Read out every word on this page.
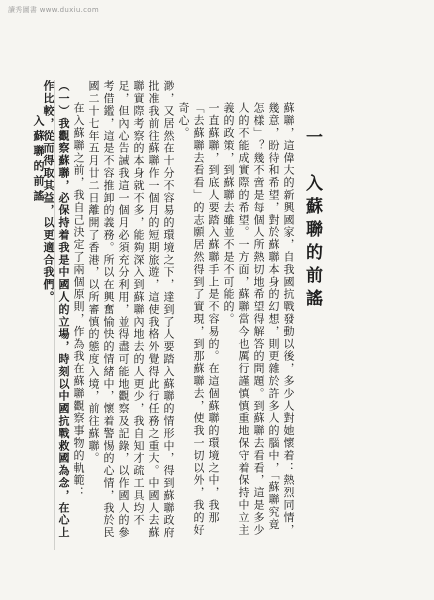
讀秀圖書 www.duxiu.com
入蘇聯的前謠	一　入蘇聯的前謠

蘇聯，這偉大的新興國家，自我國抗戰發動以後，多少人對她懷着：熱烈同情，幾意，盼待和希望，對於蘇聯本身的幻想，則更雜於許多人的腦中，「蘇聯究竟怎樣」？幾不啻是每個人所熱切地希望得解答的問題。到蘇聯去看看，這是多少人的不能成實際的希望。一方面，蘇聯當今也厲行謹慎慎重地保守着保持中立主義的政策，到蘇聯去雖並不是不可能的。

一直蘇聯，到底人要踏入蘇聯手上是不容易的。在這個蘇聯的環境之中，我那「去蘇聯去看看」的志願居然得到了實現，到那蘇聯去，使我一切以外，我的好奇心。

渺，又居然在十分不容易的環境之下，達到了人要踏入蘇聯的情形中，得到蘇聯政府批准我前往蘇聯作一個月的短期旅遊，這使我格外覺得此行任務之重大。中國人去蘇聯實際考察的本身就不多，能夠深入到蘇聯內地去的人更少，我自知才疏工具均不足，但內心告誡我這一個月必須充分利用，並得盡可能地觀察及記錄，以作國人的參考借鑑，這是不容推卸的義務。所以在興奮愉快的情緒中，懷着警惕的心情，我於民國二十七年五月廿二日離開了香港，以所審慎的態度入境，前往蘇聯。

在入蘇聯之前，我自己決定了兩個原則，作為我在蘇聯觀察事物的軌範：

（一）我觀察蘇聯，必保持着我是中國人的立場，時刻以中國抗戰救國為念，在心上作比較，從而得取其益，以更適合我們。
